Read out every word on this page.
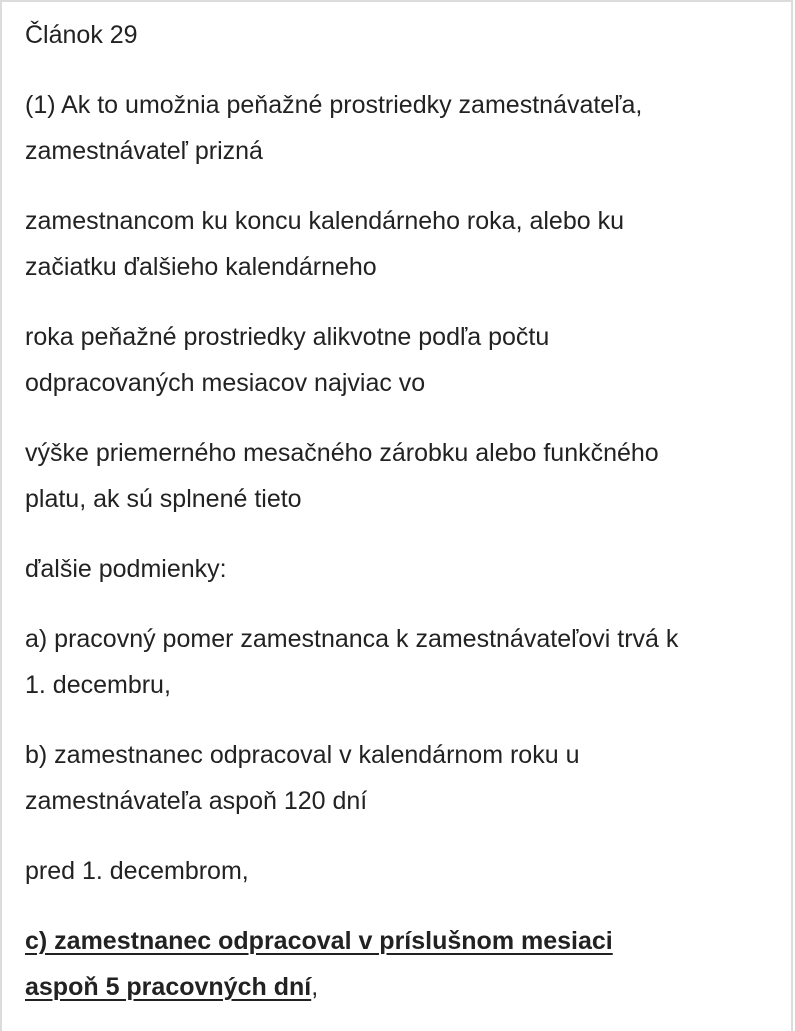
Článok 29

(1) Ak to umožnia peňažné prostriedky zamestnávateľa,
zamestnávateľ prizná

zamestnancom ku koncu kalendárneho roka, alebo ku
začiatku ďalšieho kalendárneho

roka peňažné prostriedky alikvotne podľa počtu
odpracovaných mesiacov najviac vo

výške priemerného mesačného zárobku alebo funkčného
platu, ak sú splnené tieto

ďalšie podmienky:

a) pracovný pomer zamestnanca k zamestnávateľovi trvá k
1. decembru,

b) zamestnanec odpracoval v kalendárnom roku u
zamestnávateľa aspoň 120 dní

pred 1. decembrom,

c) zamestnanec odpracoval v príslušnom mesiaci
aspoň 5 pracovných dní,
